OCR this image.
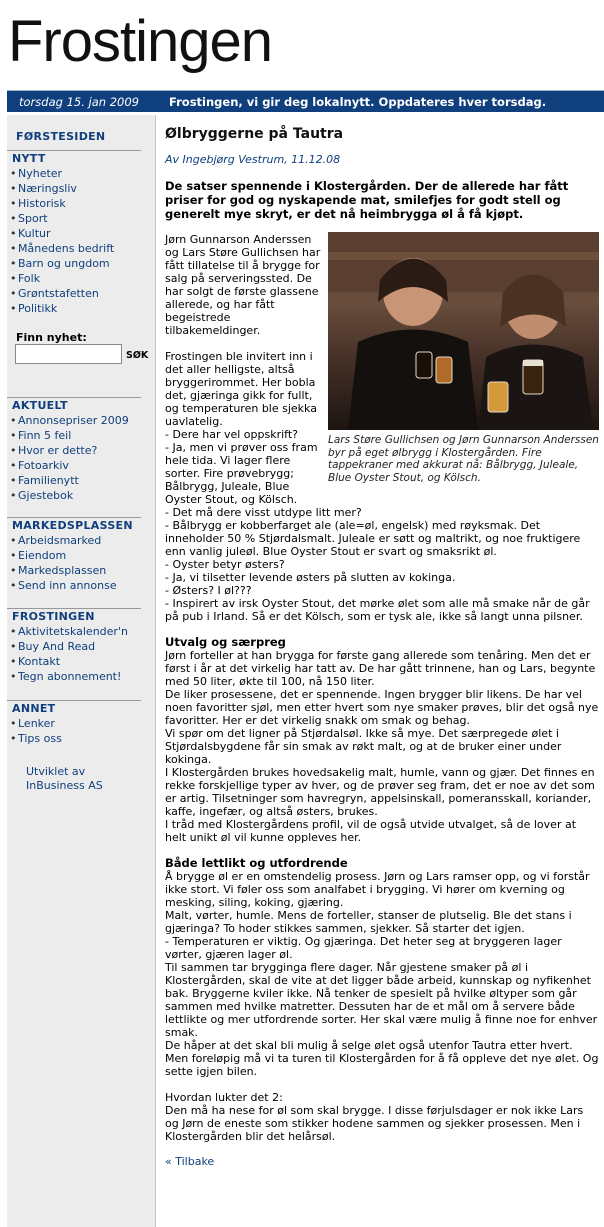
Frostingen
torsdag 15. jan 2009	Frostingen, vi gir deg lokalnytt. Oppdateres hver torsdag.
FØRSTESIDEN
NYTT
• Nyheter
• Næringsliv
• Historisk
• Sport
• Kultur
• Månedens bedrift
• Barn og ungdom
• Folk
• Grøntstafetten
• Politikk
AKTUELT
• Annonsepriser 2009
• Finn 5 feil
• Hvor er dette?
• Fotoarkiv
• Familienytt
• Gjestebok
MARKEDSPLASSEN
• Arbeidsmarked
• Eiendom
• Markedsplassen
• Send inn annonse
FROSTINGEN
• Aktivitetskalender'n
• Buy And Read
• Kontakt
• Tegn abonnement!
ANNET
• Lenker
• Tips oss
Finn nyhet:
SØK
Utviklet av
InBusiness AS
Ølbryggerne på Tautra
Av Ingebjørg Vestrum, 11.12.08
De satser spennende i Klostergården. Der de allerede har fått priser for god og nyskapende mat, smilefjes for godt stell og generelt mye skryt, er det nå heimbrygga øl å få kjøpt.
Lars Støre Gullichsen og Jørn Gunnarson Anderssen byr på eget ølbrygg i Klostergården. Fire tappekraner med akkurat nå: Bålbrygg, Juleale, Blue Oyster Stout, og Kölsch.

Jørn Gunnarson Anderssen og Lars Støre Gullichsen har fått tillatelse til å brygge for salg på serveringssted. De har solgt de første glassene allerede, og har fått begeistrede tilbakemeldinger.

Frostingen ble invitert inn i det aller helligste, altså bryggerirommet. Her bobla det, gjæringa gikk for fullt, og temperaturen ble sjekka uavlatelig.

- Dere har vel oppskrift?

- Ja, men vi prøver oss fram hele tida. Vi lager flere sorter. Fire prøvebrygg; Bålbrygg, Juleale, Blue Oyster Stout, og Kölsch.

- Det må dere visst utdype litt mer?

- Bålbrygg er kobberfarget ale (ale=øl, engelsk) med røyksmak. Det inneholder 50 % Stjørdalsmalt. Juleale er søtt og maltrikt, og noe fruktigere enn vanlig juleøl. Blue Oyster Stout er svart og smaksrikt øl.

- Oyster betyr østers?

- Ja, vi tilsetter levende østers på slutten av kokinga.

- Østers? I øl???

- Inspirert av irsk Oyster Stout, det mørke ølet som alle må smake når de går på pub i Irland. Så er det Kölsch, som er tysk ale, ikke så langt unna pilsner.

Utvalg og særpreg

Jørn forteller at han brygga for første gang allerede som tenåring. Men det er først i år at det virkelig har tatt av. De har gått trinnene, han og Lars, begynte med 50 liter, økte til 100, nå 150 liter.

De liker prosessene, det er spennende. Ingen brygger blir likens. De har vel noen favoritter sjøl, men etter hvert som nye smaker prøves, blir det også nye favoritter. Her er det virkelig snakk om smak og behag.

Vi spør om det ligner på Stjørdalsøl. Ikke så mye. Det særpregede ølet i Stjørdalsbygdene får sin smak av røkt malt, og at de bruker einer under kokinga.

I Klostergården brukes hovedsakelig malt, humle, vann og gjær. Det finnes en rekke forskjellige typer av hver, og de prøver seg fram, det er noe av det som er artig. Tilsetninger som havregryn, appelsinskall, pomeransskall, koriander, kaffe, ingefær, og altså østers, brukes.

I tråd med Klostergårdens profil, vil de også utvide utvalget, så de lover at helt unikt øl vil kunne oppleves her.

Både lettlikt og utfordrende

Å brygge øl er en omstendelig prosess. Jørn og Lars ramser opp, og vi forstår ikke stort. Vi føler oss som analfabet i brygging. Vi hører om kverning og mesking, siling, koking, gjæring.

Malt, vørter, humle. Mens de forteller, stanser de plutselig. Ble det stans i gjæringa? To hoder stikkes sammen, sjekker. Så starter det igjen.

- Temperaturen er viktig. Og gjæringa. Det heter seg at bryggeren lager vørter, gjæren lager øl.

Til sammen tar bryggingа flere dager. Når gjestene smaker på øl i Klostergården, skal de vite at det ligger både arbeid, kunnskap og nyfikenhet bak. Bryggerne kviler ikke. Nå tenker de spesielt på hvilke øltyper som går sammen med hvilke matretter. Dessuten har de et mål om å servere både lettlikte og mer utfordrende sorter. Her skal være mulig å finne noe for enhver smak.

De håper at det skal bli mulig å selge ølet også utenfor Tautra etter hvert. Men foreløpig må vi ta turen til Klostergården for å få oppleve det nye ølet. Og sette igjen bilen.

Hvordan lukter det 2:

Den må ha nese for øl som skal brygge. I disse førjulsdager er nok ikke Lars og Jørn de eneste som stikker hodene sammen og sjekker prosessen. Men i Klostergården blir det helårsøl.

« Tilbake
